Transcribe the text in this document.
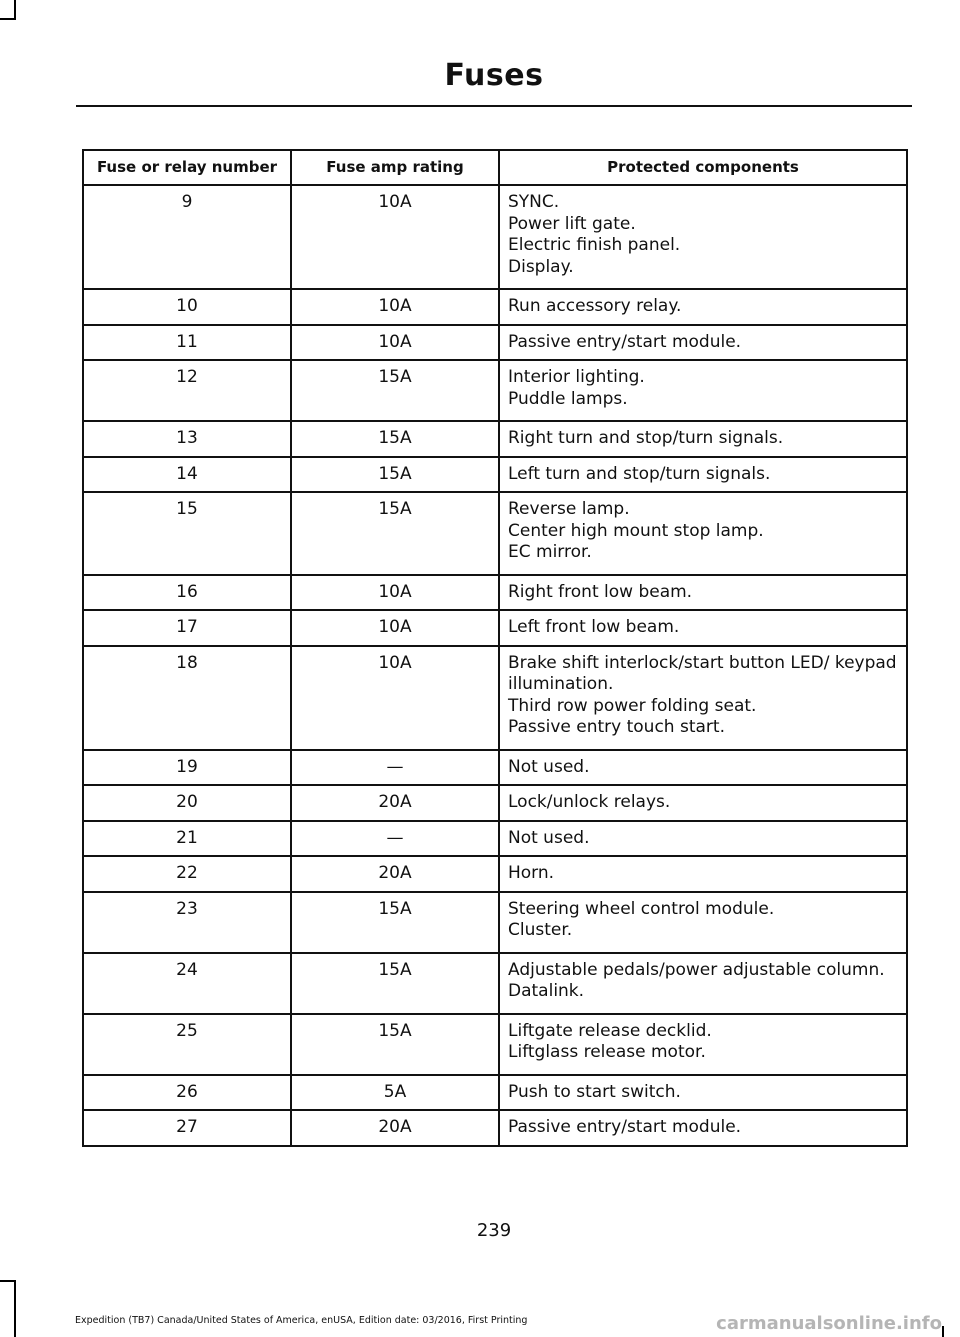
Fuses
Fuse or relay number	Fuse amp rating	Protected components
9	10A	SYNC.
Power lift gate.
Electric finish panel.
Display.

10	10A	Run accessory relay.

11	10A	Passive entry/start module.

12	15A	Interior lighting.
Puddle lamps.

13	15A	Right turn and stop/turn signals.

14	15A	Left turn and stop/turn signals.

15	15A	Reverse lamp.
Center high mount stop lamp.
EC mirror.

16	10A	Right front low beam.

17	10A	Left front low beam.

18	10A	Brake shift interlock/start button LED/ keypad illumination.
Third row power folding seat.
Passive entry touch start.

19	—	Not used.

20	20A	Lock/unlock relays.

21	—	Not used.

22	20A	Horn.

23	15A	Steering wheel control module.
Cluster.

24	15A	Adjustable pedals/power adjustable column.
Datalink.

25	15A	Liftgate release decklid.
Liftglass release motor.

26	5A	Push to start switch.

27	20A	Passive entry/start module.
239
Expedition (TB7) Canada/United States of America, enUSA, Edition date: 03/2016, First Printing	carmanualsonline.info
